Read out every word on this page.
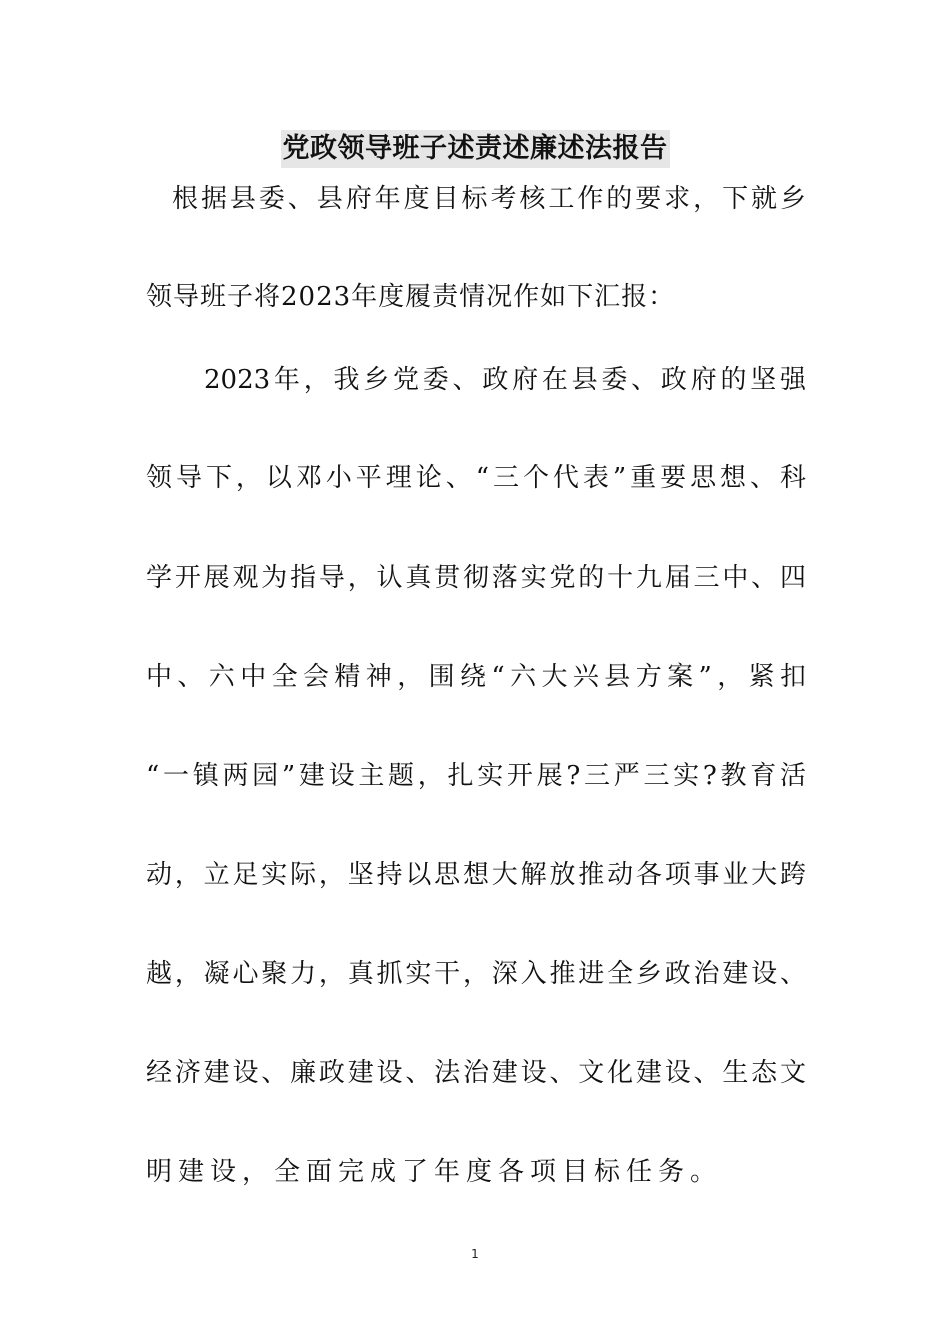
党政领导班子述责述廉述法报告
根据县委、县府年度目标考核工作的要求，下就乡
领导班子将2023年度履责情况作如下汇报：
2023年，我乡党委、政府在县委、政府的坚强
领导下，以邓小平理论、“三个代表”重要思想、科
学开展观为指导，认真贯彻落实党的十九届三中、四
中、六中全会精神，围绕“六大兴县方案”，紧扣
“一镇两园”建设主题，扎实开展?三严三实?教育活
动，立足实际，坚持以思想大解放推动各项事业大跨
越，凝心聚力，真抓实干，深入推进全乡政治建设、
经济建设、廉政建设、法治建设、文化建设、生态文
明建设，全面完成了年度各项目标任务。
1
